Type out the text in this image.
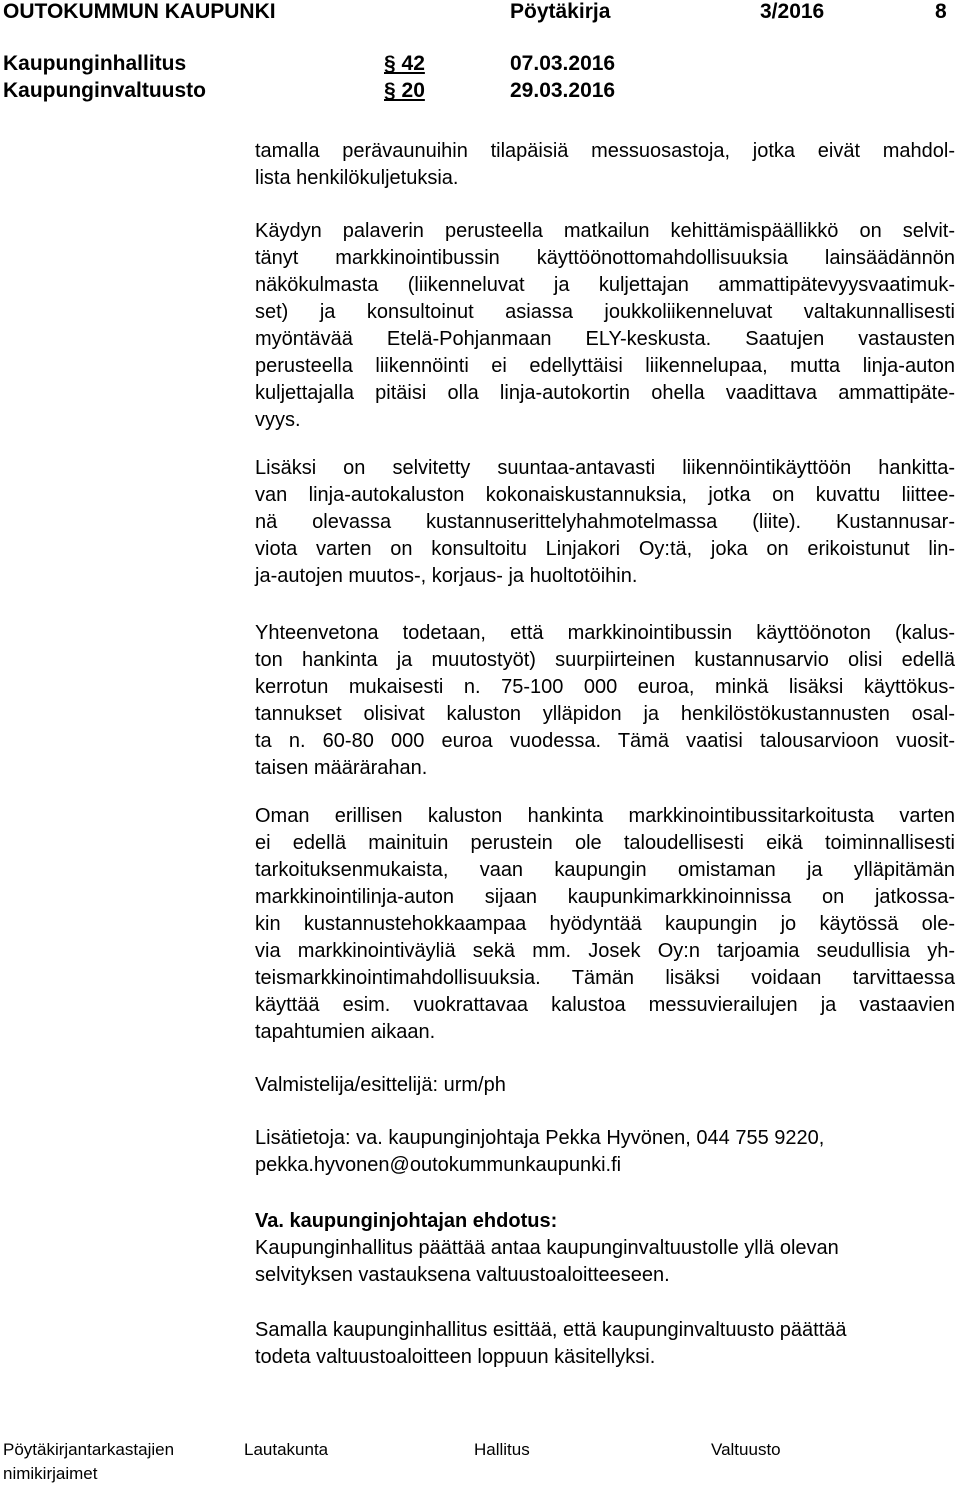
OUTOKUMMUN KAUPUNKI	Pöytäkirja	3/2016	8
Kaupunginhallitus	§ 42	07.03.2016
Kaupunginvaltuusto	§ 20	29.03.2016
tamalla perävaunuihin tilapäisiä messuosastoja, jotka eivät mahdol-
lista henkilökuljetuksia.
Käydyn palaverin perusteella matkailun kehittämispäällikkö on selvit-
tänyt markkinointibussin käyttöönottomahdollisuuksia lainsäädännön
näkökulmasta (liikenneluvat ja kuljettajan ammattipätevyysvaatimuk-
set) ja konsultoinut asiassa joukkoliikenneluvat valtakunnallisesti
myöntävää Etelä-Pohjanmaan ELY-keskusta. Saatujen vastausten
perusteella liikennöinti ei edellyttäisi liikennelupaa, mutta linja-auton
kuljettajalla pitäisi olla linja-autokortin ohella vaadittava ammattipäte-
vyys.
Lisäksi on selvitetty suuntaa-antavasti liikennöintikäyttöön hankitta-
van linja-autokaluston kokonaiskustannuksia, jotka on kuvattu liittee-
nä olevassa kustannuserittelyhahmotelmassa (liite). Kustannusar-
viota varten on konsultoitu Linjakori Oy:tä, joka on erikoistunut lin-
ja-autojen muutos-, korjaus- ja huoltotöihin.
Yhteenvetona todetaan, että markkinointibussin käyttöönoton (kalus-
ton hankinta ja muutostyöt) suurpiirteinen kustannusarvio olisi edellä
kerrotun mukaisesti n. 75-100 000 euroa, minkä lisäksi käyttökus-
tannukset olisivat kaluston ylläpidon ja henkilöstökustannusten osal-
ta n. 60-80 000 euroa vuodessa. Tämä vaatisi talousarvioon vuosit-
taisen määrärahan.
Oman erillisen kaluston hankinta markkinointibussitarkoitusta varten
ei edellä mainituin perustein ole taloudellisesti eikä toiminnallisesti
tarkoituksenmukaista, vaan kaupungin omistaman ja ylläpitämän
markkinointilinja-auton sijaan kaupunkimarkkinoinnissa on jatkossa-
kin kustannustehokkaampaa hyödyntää kaupungin jo käytössä ole-
via markkinointiväyliä sekä mm. Josek Oy:n tarjoamia seudullisia yh-
teismarkkinointimahdollisuuksia. Tämän lisäksi voidaan tarvittaessa
käyttää esim. vuokrattavaa kalustoa messuvierailujen ja vastaavien
tapahtumien aikaan.
Valmistelija/esittelijä: urm/ph
Lisätietoja: va. kaupunginjohtaja Pekka Hyvönen, 044 755 9220,
pekka.hyvonen@outokummunkaupunki.fi
Va. kaupunginjohtajan ehdotus:
Kaupunginhallitus päättää antaa kaupunginvaltuustolle yllä olevan
selvityksen vastauksena valtuustoaloitteeseen.
Samalla kaupunginhallitus esittää, että kaupunginvaltuusto päättää
todeta valtuustoaloitteen loppuun käsitellyksi.
Pöytäkirjantarkastajien
nimikirjaimet
Lautakunta	Hallitus	Valtuusto
